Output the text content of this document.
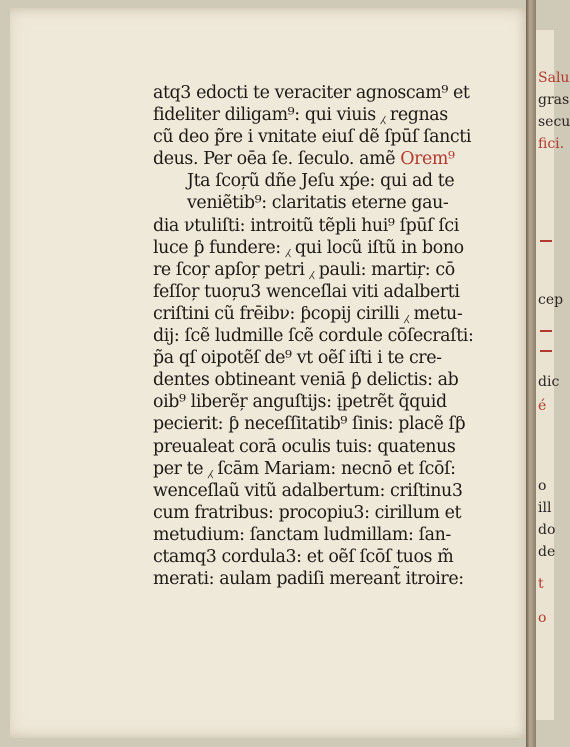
atq3 edocti te veraciter agnoscam⁹ et
fideliter diligam⁹: qui viuis ⁁ regnas
cũ deo p̃re i vnitate eiuſ dẽ ſpūſ ſancti
deus. Per oēa ſe. ſeculo. amẽ Orem⁹
Jta ſcoŗũ dñe Jeſu xṕe: qui ad te
veniẽtib⁹: claritatis eterne gau-
dia νtuliſti: introitũ tẽpli hui⁹ ſpūſ ſci
luce ƥ fundere: ⁁ qui locũ iſtũ in bono
re ſcoŗ apſoŗ petri ⁁ pauli: martiŗ: cō
feſſoŗ tuoŗu3 wenceſlai viti adalberti
criſtini cũ frēibν: ƥcopij cirilli ⁁ metu-
dij: ſcẽ ludmille ſcẽ cordule cōſecraſti:
p̃a qſ oipotẽſ de⁹ vt oẽſ iſti i te cre-
dentes obtineant veniā ƥ delictis: ab
oib⁹ liberẽŗ anguſtijs: įpetrẽt q̃quid
pecierit: ƥ neceſſitatib⁹ ſinis: placẽ ſƥ
preualeat corā oculis tuis: quatenus
per te ⁁ ſcām Mariam: necnō et ſcōſ:
wenceſlaũ vitũ adalbertum: criſtinu3
cum fratribus: procopiu3: cirillum et
metudium: ſanctam ludmillam: ſan-
ctamq3 cordula3: et oẽſ ſcōſ tuos m̃
merati: aulam padiſi mereant̃ itroire:
Salu
gras
secu
fici.
cep
dic
é
o
ill
do
de
t
o
